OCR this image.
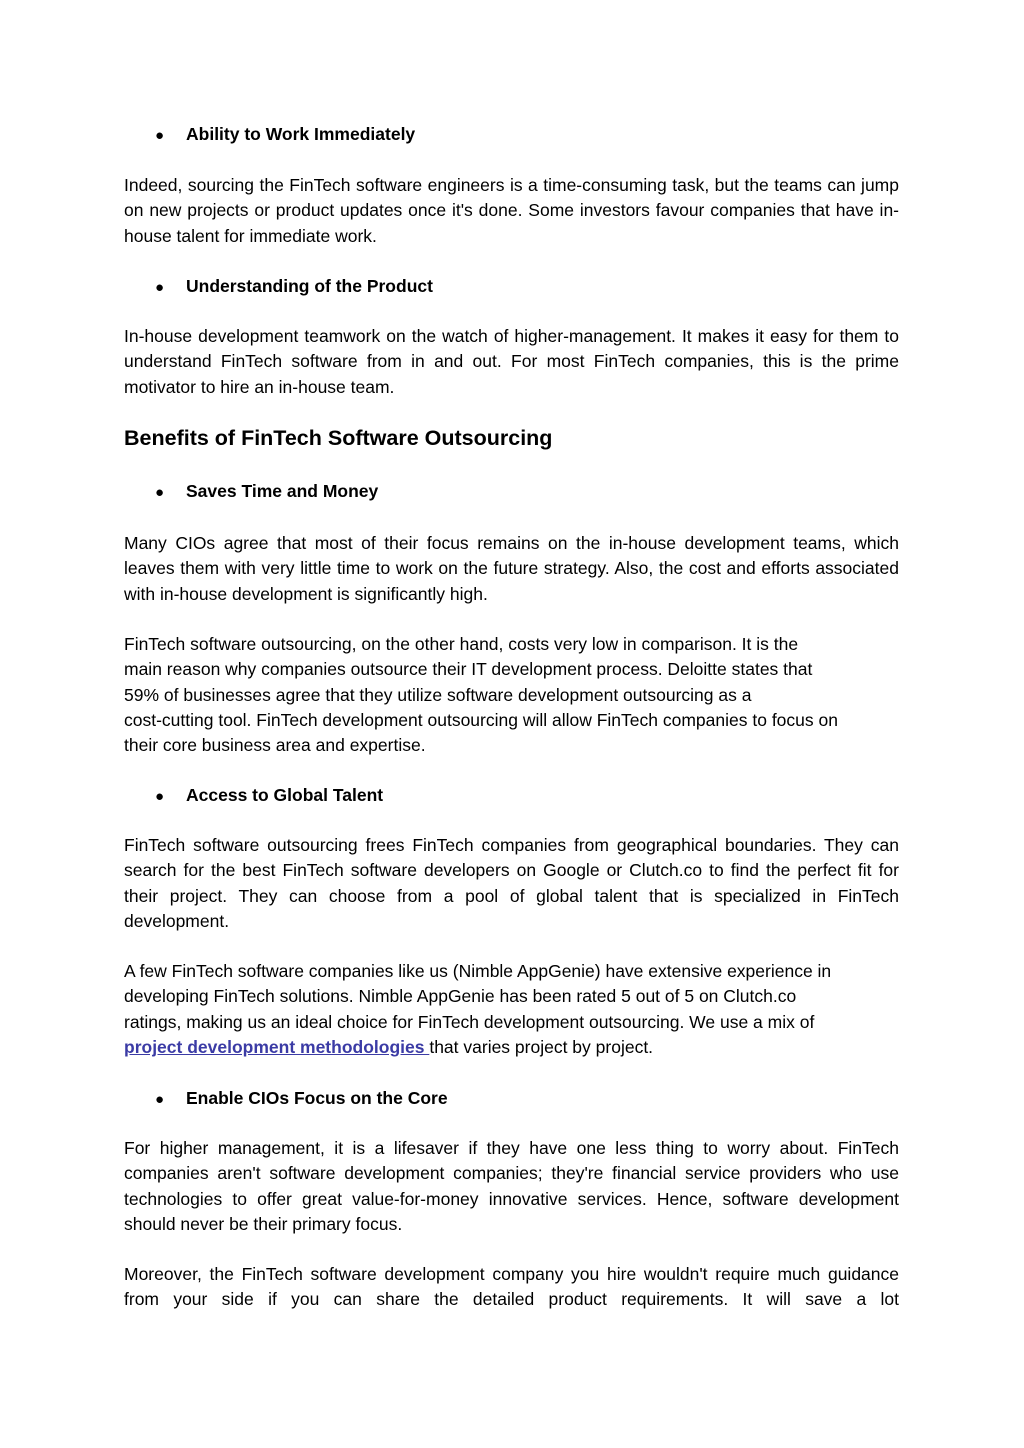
● Ability to Work Immediately

Indeed, sourcing the FinTech software engineers is a time-consuming task, but the teams can jump on new projects or product updates once it's done. Some investors favour companies that have in-house talent for immediate work.

● Understanding of the Product

In-house development teamwork on the watch of higher-management. It makes it easy for them to understand FinTech software from in and out. For most FinTech companies, this is the prime motivator to hire an in-house team.

Benefits of FinTech Software Outsourcing
● Saves Time and Money

Many CIOs agree that most of their focus remains on the in-house development teams, which leaves them with very little time to work on the future strategy. Also, the cost and efforts associated with in-house development is significantly high.

FinTech software outsourcing, on the other hand, costs very low in comparison. It is the
main reason why companies outsource their IT development process. Deloitte states that
59% of businesses agree that they utilize software development outsourcing as a
cost-cutting tool. FinTech development outsourcing will allow FinTech companies to focus on
their core business area and expertise.
● Access to Global Talent

FinTech software outsourcing frees FinTech companies from geographical boundaries. They can search for the best FinTech software developers on Google or Clutch.co to find the perfect fit for their project. They can choose from a pool of global talent that is specialized in FinTech development.

A few FinTech software companies like us (Nimble AppGenie) have extensive experience in
developing FinTech solutions. Nimble AppGenie has been rated 5 out of 5 on Clutch.co
ratings, making us an ideal choice for FinTech development outsourcing. We use a mix of
project development methodologies that varies project by project.
● Enable CIOs Focus on the Core

For higher management, it is a lifesaver if they have one less thing to worry about. FinTech companies aren't software development companies; they're financial service providers who use technologies to offer great value-for-money innovative services. Hence, software development should never be their primary focus.

Moreover, the FinTech software development company you hire wouldn't require much guidance from your side if you can share the detailed product requirements. It will save a lot
